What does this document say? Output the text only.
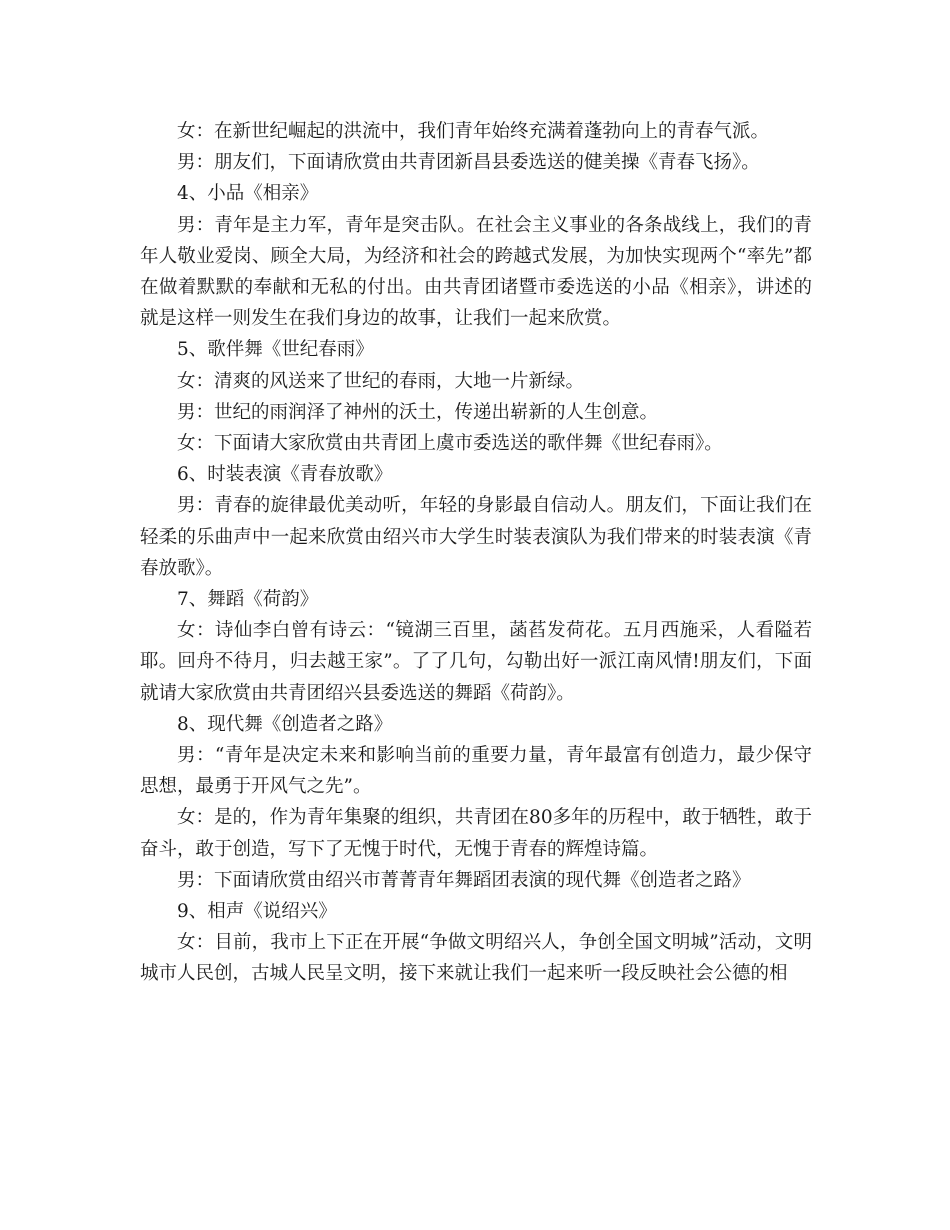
女：在新世纪崛起的洪流中，我们青年始终充满着蓬勃向上的青春气派。

男：朋友们，下面请欣赏由共青团新昌县委选送的健美操《青春飞扬》。

4、小品《相亲》

男：青年是主力军，青年是突击队。在社会主义事业的各条战线上，我们的青年人敬业爱岗、顾全大局，为经济和社会的跨越式发展，为加快实现两个“率先”都在做着默默的奉献和无私的付出。由共青团诸暨市委选送的小品《相亲》，讲述的就是这样一则发生在我们身边的故事，让我们一起来欣赏。

5、歌伴舞《世纪春雨》

女：清爽的风送来了世纪的春雨，大地一片新绿。

男：世纪的雨润泽了神州的沃土，传递出崭新的人生创意。

女：下面请大家欣赏由共青团上虞市委选送的歌伴舞《世纪春雨》。

6、时装表演《青春放歌》

男：青春的旋律最优美动听，年轻的身影最自信动人。朋友们，下面让我们在轻柔的乐曲声中一起来欣赏由绍兴市大学生时装表演队为我们带来的时装表演《青春放歌》。

7、舞蹈《荷韵》

女：诗仙李白曾有诗云：“镜湖三百里，菡萏发荷花。五月西施采，人看隘若耶。回舟不待月，归去越王家”。了了几句，勾勒出好一派江南风情!朋友们，下面就请大家欣赏由共青团绍兴县委选送的舞蹈《荷韵》。

8、现代舞《创造者之路》

男：“青年是决定未来和影响当前的重要力量，青年最富有创造力，最少保守思想，最勇于开风气之先”。

女：是的，作为青年集聚的组织，共青团在80多年的历程中，敢于牺牲，敢于奋斗，敢于创造，写下了无愧于时代，无愧于青春的辉煌诗篇。

男：下面请欣赏由绍兴市菁菁青年舞蹈团表演的现代舞《创造者之路》

9、相声《说绍兴》

女：目前，我市上下正在开展“争做文明绍兴人，争创全国文明城”活动，文明城市人民创，古城人民呈文明，接下来就让我们一起来听一段反映社会公德的相
